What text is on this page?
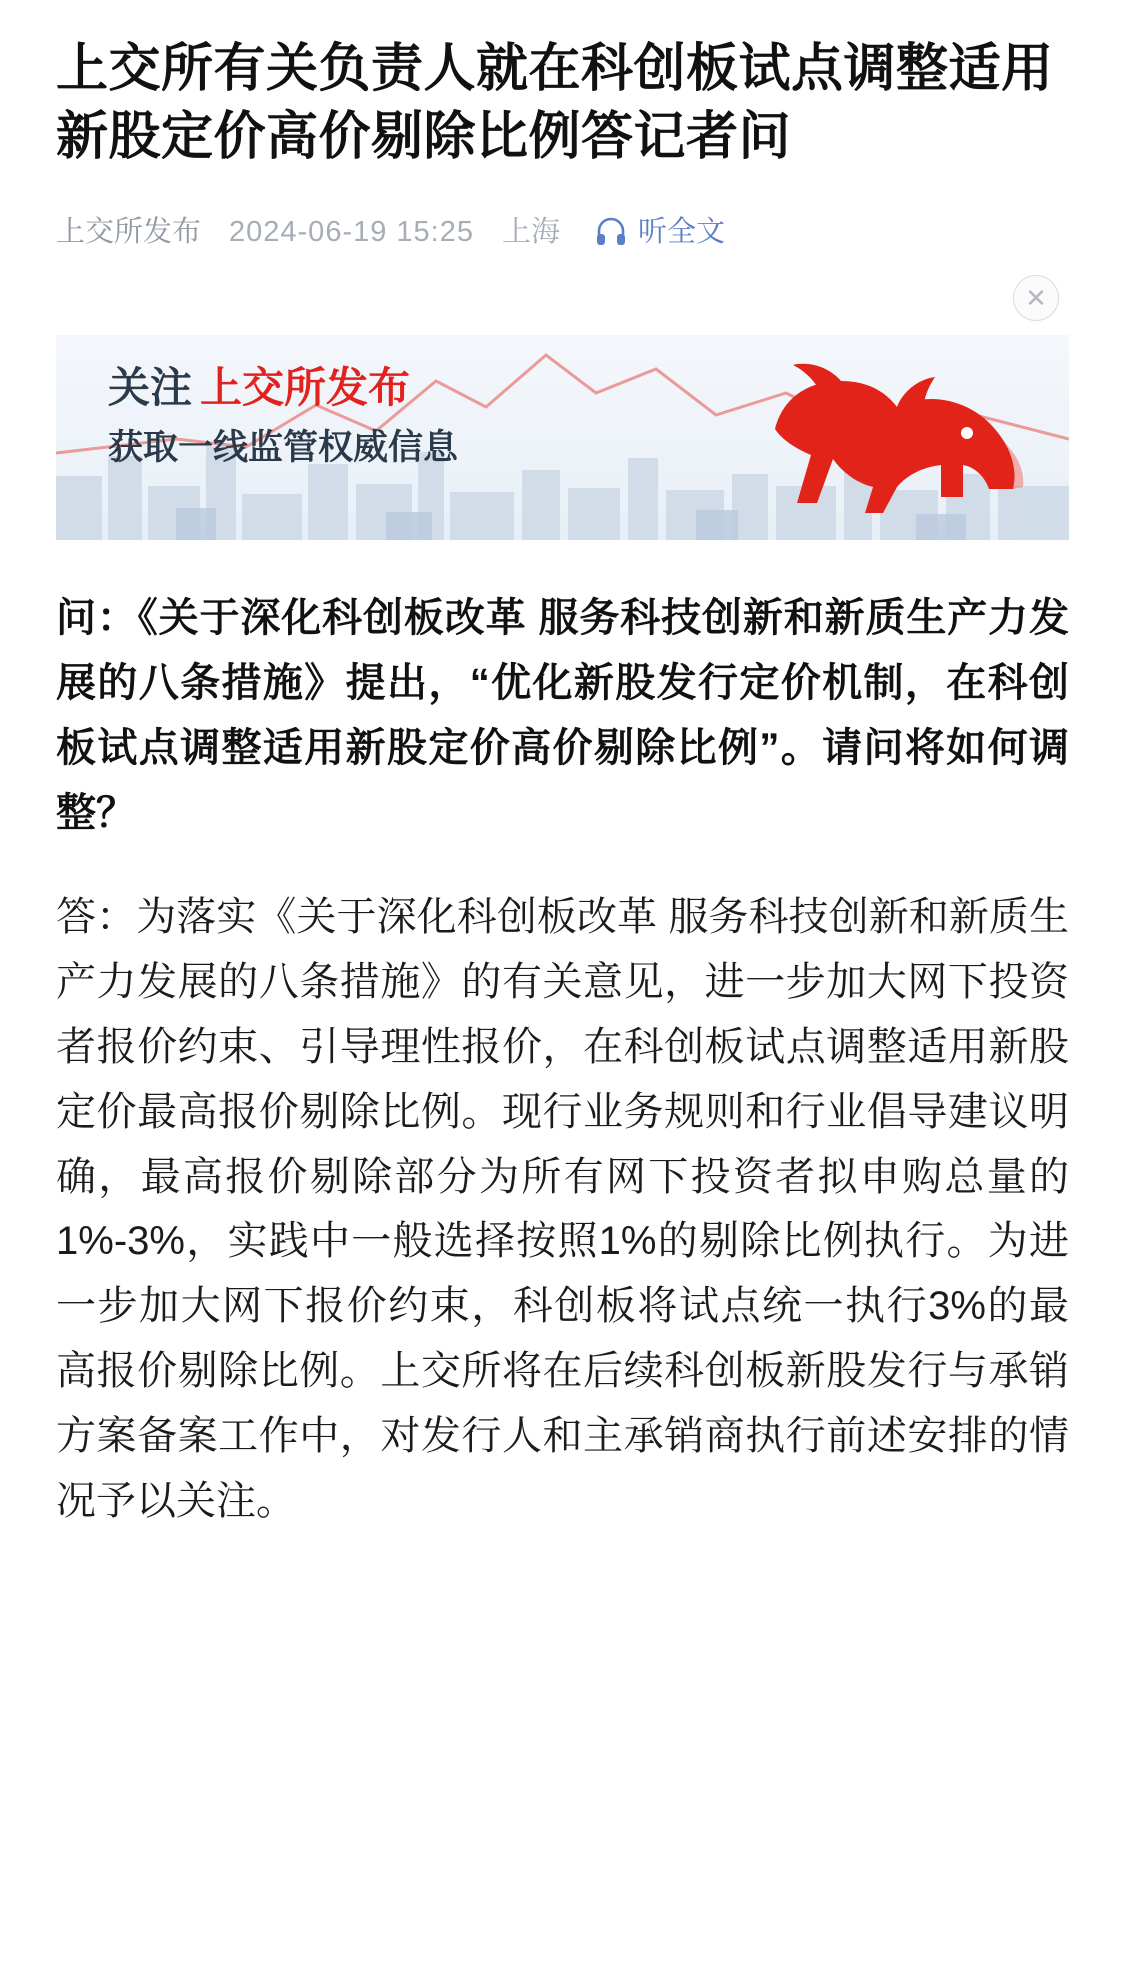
上交所有关负责人就在科创板试点调整适用新股定价高价剔除比例答记者问
上交所发布 2024-06-19 15:25 上海	听全文
✕
关注 上交所发布
获取一线监管权威信息

问：《关于深化科创板改革 服务科技创新和新质生产力发展的八条措施》提出，“优化新股发行定价机制，在科创板试点调整适用新股定价高价剔除比例”。请问将如何调整？

答：为落实《关于深化科创板改革 服务科技创新和新质生产力发展的八条措施》的有关意见，进一步加大网下投资者报价约束、引导理性报价，在科创板试点调整适用新股定价最高报价剔除比例。现行业务规则和行业倡导建议明确，最高报价剔除部分为所有网下投资者拟申购总量的1%-3%，实践中一般选择按照1%的剔除比例执行。为进一步加大网下报价约束，科创板将试点统一执行3%的最高报价剔除比例。上交所将在后续科创板新股发行与承销方案备案工作中，对发行人和主承销商执行前述安排的情况予以关注。
